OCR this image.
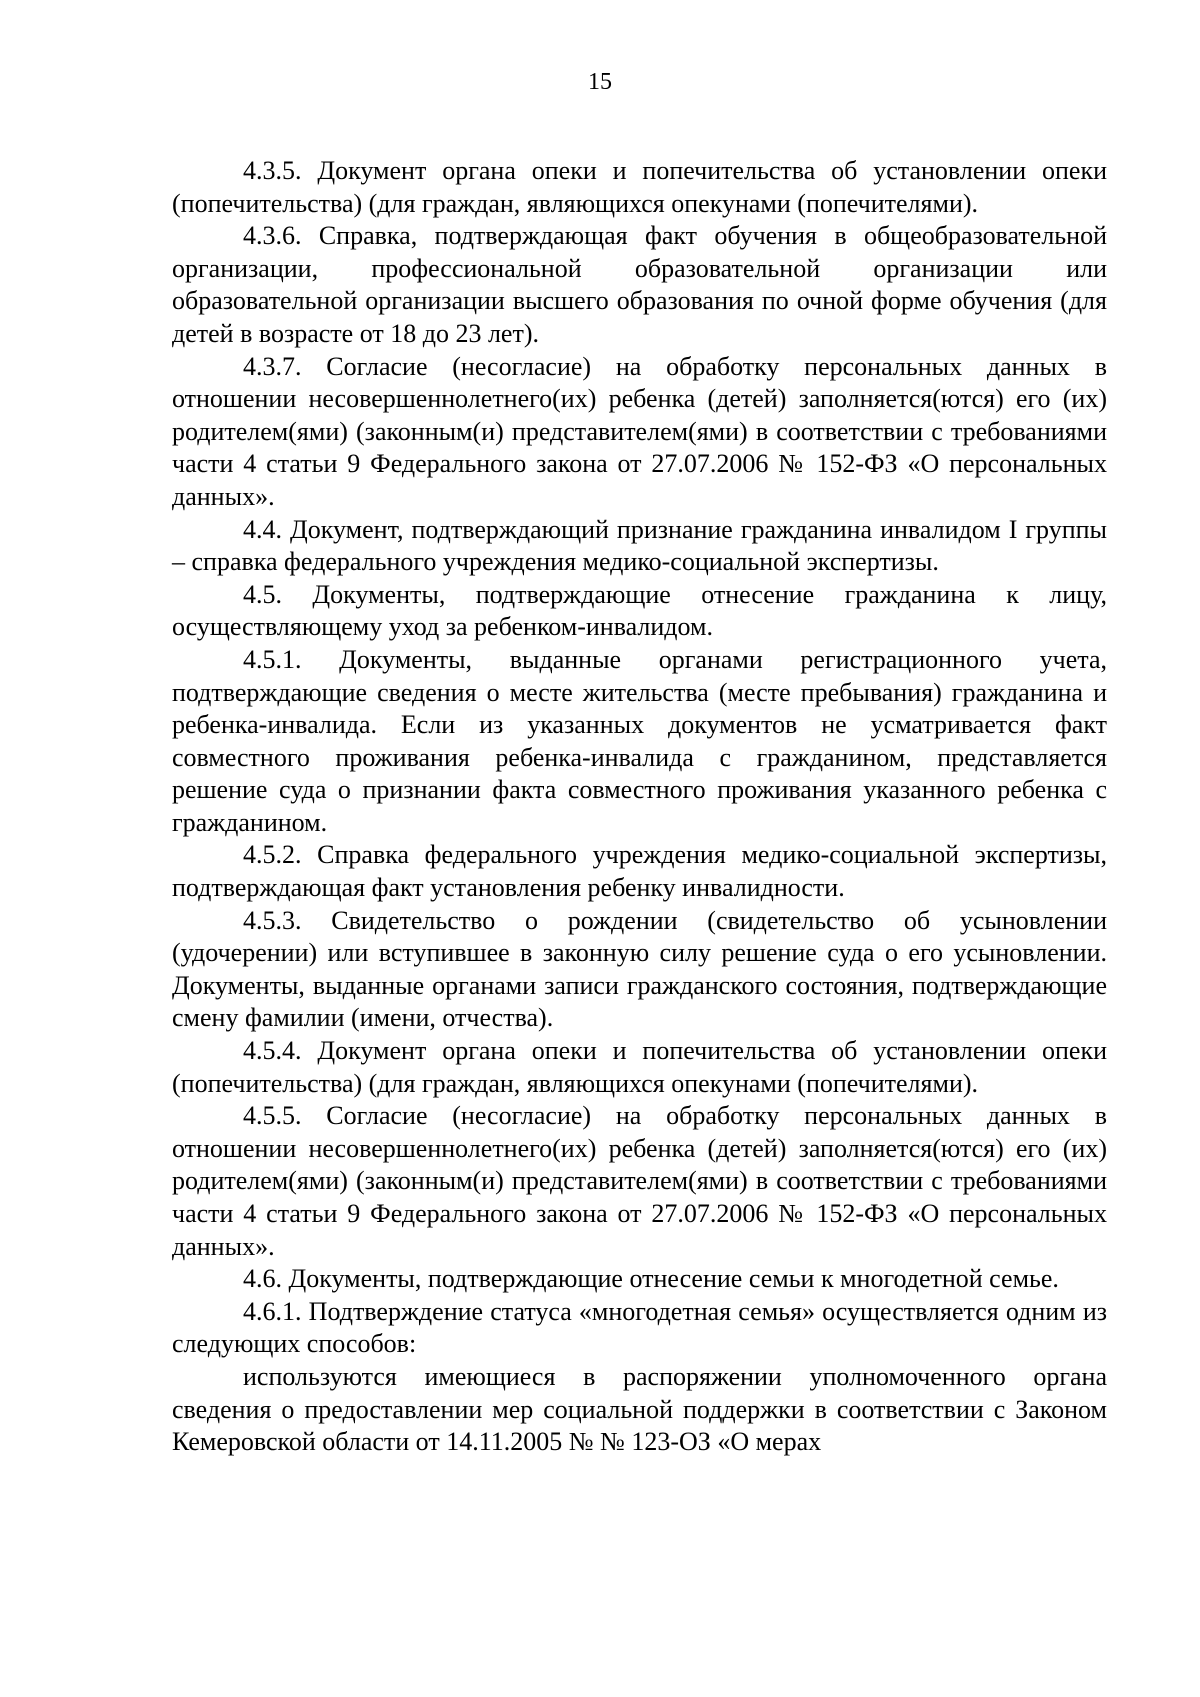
15

4.3.5. Документ органа опеки и попечительства об установлении опеки (попечительства) (для граждан, являющихся опекунами (попечителями).

4.3.6. Справка, подтверждающая факт обучения в общеобразовательной организации, профессиональной образовательной организации или образовательной организации высшего образования по очной форме обучения (для детей в возрасте от 18 до 23 лет).

4.3.7. Согласие (несогласие) на обработку персональных данных в отношении несовершеннолетнего(их) ребенка (детей) заполняется(ются) его (их) родителем(ями) (законным(и) представителем(ями) в соответствии с требованиями части 4 статьи 9 Федерального закона от 27.07.2006 № 152-ФЗ «О персональных данных».

4.4. Документ, подтверждающий признание гражданина инвалидом I группы – справка федерального учреждения медико-социальной экспертизы.

4.5. Документы, подтверждающие отнесение гражданина к лицу, осуществляющему уход за ребенком-инвалидом.

4.5.1. Документы, выданные органами регистрационного учета, подтверждающие сведения о месте жительства (месте пребывания) гражданина и ребенка-инвалида. Если из указанных документов не усматривается факт совместного проживания ребенка-инвалида с гражданином, представляется решение суда о признании факта совместного проживания указанного ребенка с гражданином.

4.5.2. Справка федерального учреждения медико-социальной экспертизы, подтверждающая факт установления ребенку инвалидности.

4.5.3. Свидетельство о рождении (свидетельство об усыновлении (удочерении) или вступившее в законную силу решение суда о его усыновлении. Документы, выданные органами записи гражданского состояния, подтверждающие смену фамилии (имени, отчества).

4.5.4. Документ органа опеки и попечительства об установлении опеки (попечительства) (для граждан, являющихся опекунами (попечителями).

4.5.5. Согласие (несогласие) на обработку персональных данных в отношении несовершеннолетнего(их) ребенка (детей) заполняется(ются) его (их) родителем(ями) (законным(и) представителем(ями) в соответствии с требованиями части 4 статьи 9 Федерального закона от 27.07.2006 № 152-ФЗ «О персональных данных».

4.6. Документы, подтверждающие отнесение семьи к многодетной семье.

4.6.1. Подтверждение статуса «многодетная семья» осуществляется одним из следующих способов:

используются имеющиеся в распоряжении уполномоченного органа сведения о предоставлении мер социальной поддержки в соответствии с Законом Кемеровской области от 14.11.2005 № № 123-ОЗ «О мерах
